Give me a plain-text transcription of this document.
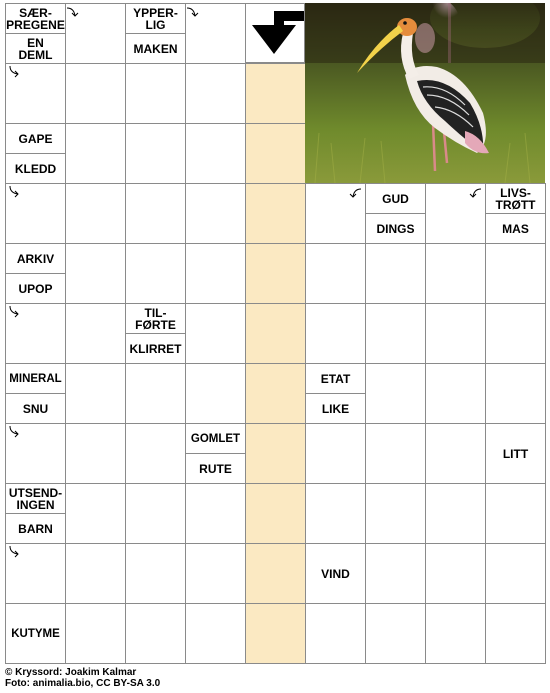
SÆR-
PREGENE
EN
DEML
YPPER-
LIG
MAKEN
GAPE
KLEDD
GUD
DINGS
LIVS-
TRØTT
MAS
ARKIV
UPOP
TIL-
FØRTE
KLIRRET
MINERAL
SNU
ETAT
LIKE
GOMLET
RUTE
LITT
UTSEND-
INGEN
BARN
VIND
KUTYME
© Kryssord: Joakim Kalmar
Foto: animalia.bio, CC BY-SA 3.0
